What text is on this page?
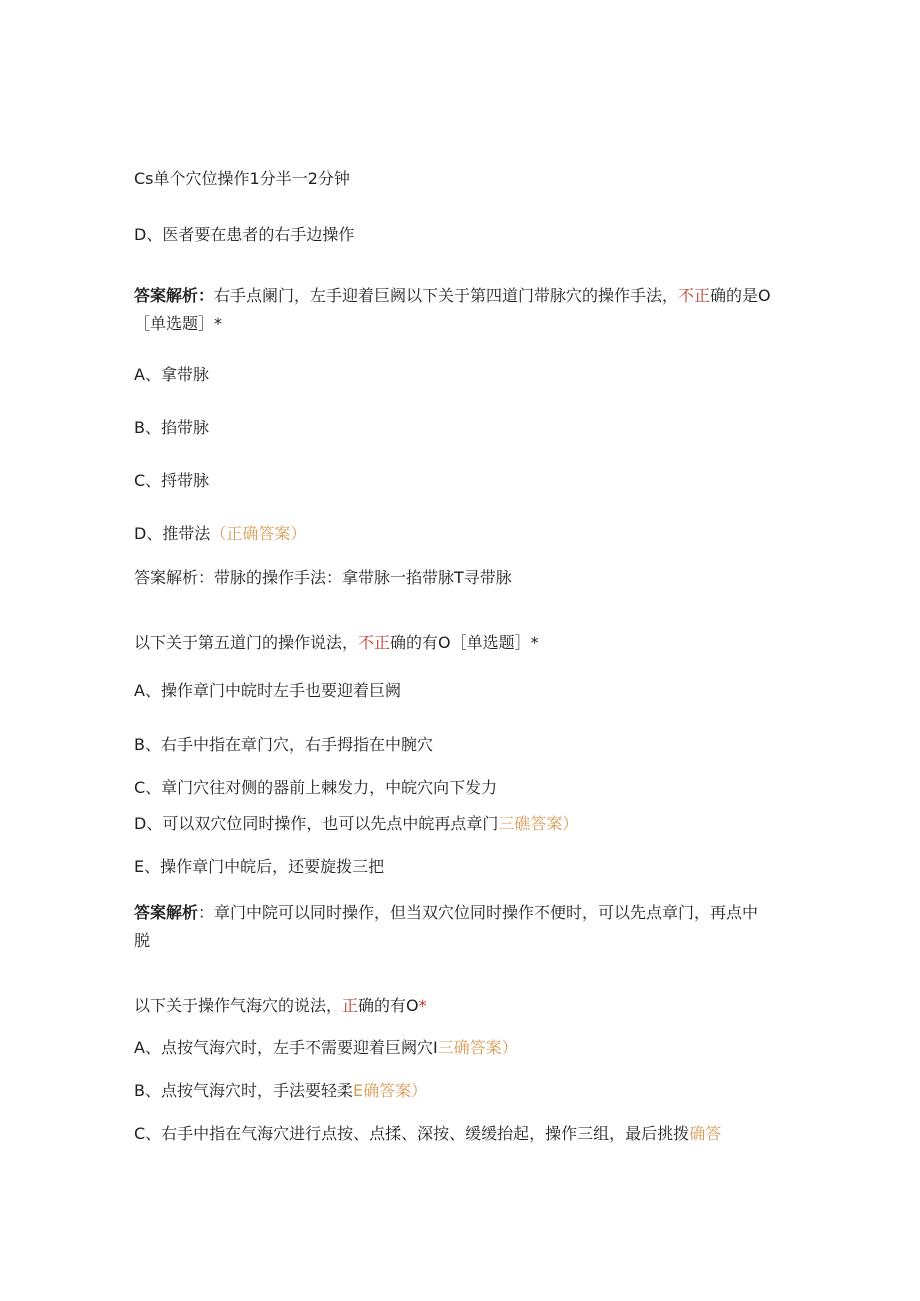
Cs单个穴位操作1分半一2分钟
D、医者要在患者的右手边操作
答案解析：右手点阑门，左手迎着巨阙以下关于第四道门带脉穴的操作手法，不正确的是O［单选题］*
A、拿带脉
B、掐带脉
C、捋带脉
D、推带法（正确答案）
答案解析：带脉的操作手法：拿带脉一掐带脉T寻带脉
以下关于第五道门的操作说法，不正确的有O［单选题］*
A、操作章门中皖时左手也要迎着巨阙
B、右手中指在章门穴，右手拇指在中腕穴
C、章门穴往对侧的器前上棘发力，中皖穴向下发力
D、可以双穴位同时操作，也可以先点中皖再点章门三礁答案）
E、操作章门中皖后，还要旋拨三把
答案解析：章门中院可以同时操作，但当双穴位同时操作不便时，可以先点章门，再点中脱
以下关于操作气海穴的说法，正确的有O*
A、点按气海穴时，左手不需要迎着巨阙穴I三确答案）
B、点按气海穴时，手法要轻柔E确答案）
C、右手中指在气海穴进行点按、点揉、深按、缓缓抬起，操作三组，最后挑拨确答
